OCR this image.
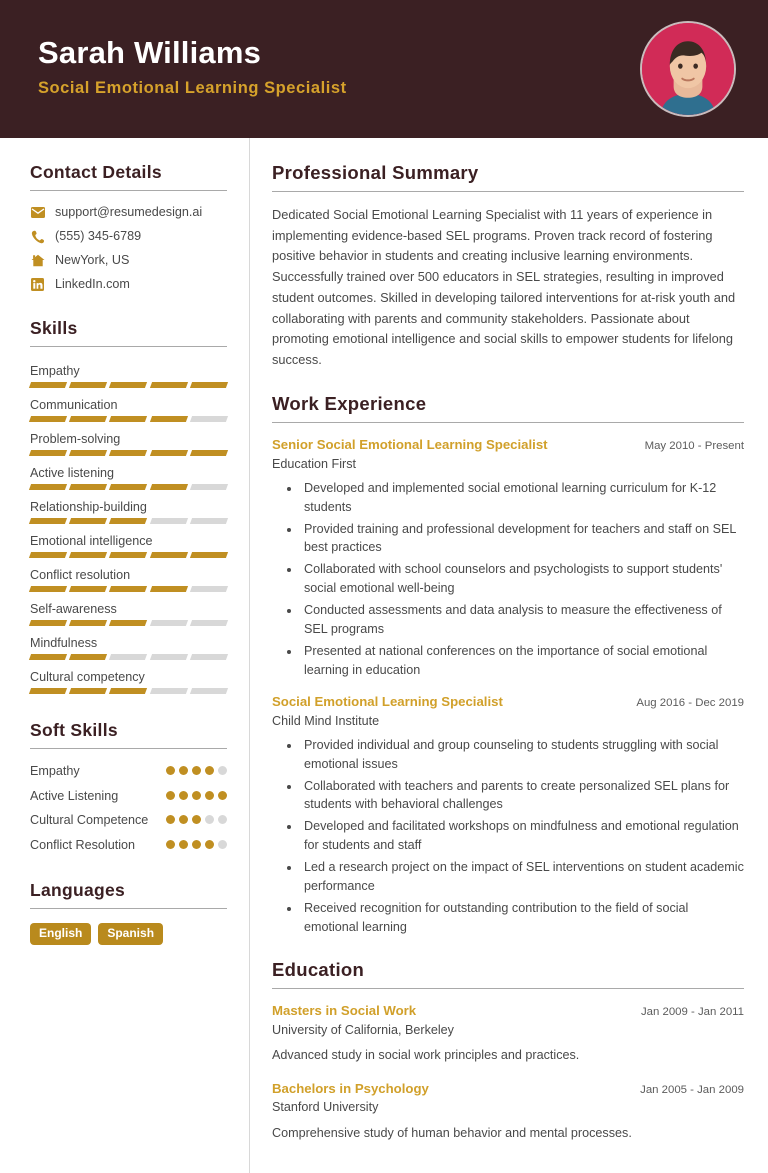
Sarah Williams
Social Emotional Learning Specialist
Contact Details
support@resumedesign.ai
(555) 345-6789
NewYork, US
LinkedIn.com
Skills
Empathy
Communication
Problem-solving
Active listening
Relationship-building
Emotional intelligence
Conflict resolution
Self-awareness
Mindfulness
Cultural competency
Soft Skills
Empathy
Active Listening
Cultural Competence
Conflict Resolution
Languages
English	Spanish
Professional Summary
Dedicated Social Emotional Learning Specialist with 11 years of experience in implementing evidence-based SEL programs. Proven track record of fostering positive behavior in students and creating inclusive learning environments. Successfully trained over 500 educators in SEL strategies, resulting in improved student outcomes. Skilled in developing tailored interventions for at-risk youth and collaborating with parents and community stakeholders. Passionate about promoting emotional intelligence and social skills to empower students for lifelong success.
Work Experience
Senior Social Emotional Learning Specialist	May 2010 - Present
Education First
• Developed and implemented social emotional learning curriculum for K-12 students
• Provided training and professional development for teachers and staff on SEL best practices
• Collaborated with school counselors and psychologists to support students' social emotional well-being
• Conducted assessments and data analysis to measure the effectiveness of SEL programs
• Presented at national conferences on the importance of social emotional learning in education
Social Emotional Learning Specialist	Aug 2016 - Dec 2019
Child Mind Institute
• Provided individual and group counseling to students struggling with social emotional issues
• Collaborated with teachers and parents to create personalized SEL plans for students with behavioral challenges
• Developed and facilitated workshops on mindfulness and emotional regulation for students and staff
• Led a research project on the impact of SEL interventions on student academic performance
• Received recognition for outstanding contribution to the field of social emotional learning
Education
Masters in Social Work	Jan 2009 - Jan 2011
University of California, Berkeley
Advanced study in social work principles and practices.
Bachelors in Psychology	Jan 2005 - Jan 2009
Stanford University
Comprehensive study of human behavior and mental processes.
